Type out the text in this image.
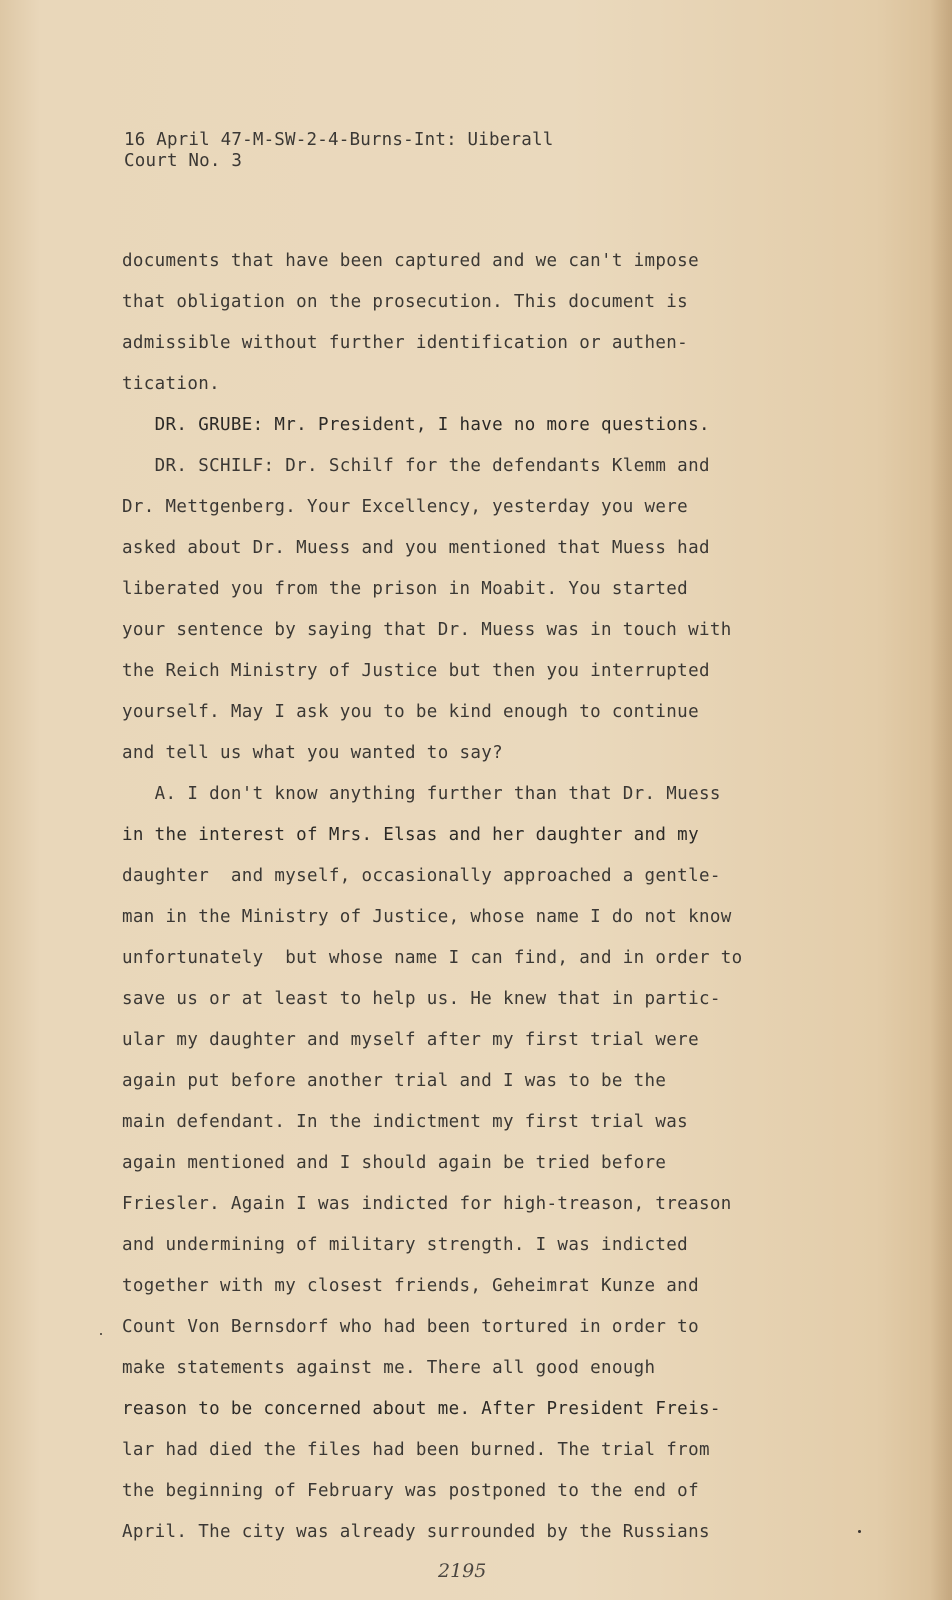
16 April 47-M-SW-2-4-Burns-Int: Uiberall
Court No. 3
documents that have been captured and we can't impose
that obligation on the prosecution. This document is
admissible without further identification or authen-
tication.
DR. GRUBE: Mr. President, I have no more questions.
DR. SCHILF: Dr. Schilf for the defendants Klemm and
Dr. Mettgenberg. Your Excellency, yesterday you were
asked about Dr. Muess and you mentioned that Muess had
liberated you from the prison in Moabit. You started
your sentence by saying that Dr. Muess was in touch with
the Reich Ministry of Justice but then you interrupted
yourself. May I ask you to be kind enough to continue
and tell us what you wanted to say?
A. I don't know anything further than that Dr. Muess
in the interest of Mrs. Elsas and her daughter and my
daughter  and myself, occasionally approached a gentle-
man in the Ministry of Justice, whose name I do not know
unfortunately  but whose name I can find, and in order to
save us or at least to help us. He knew that in partic-
ular my daughter and myself after my first trial were
again put before another trial and I was to be the
main defendant. In the indictment my first trial was
again mentioned and I should again be tried before
Friesler. Again I was indicted for high-treason, treason
and undermining of military strength. I was indicted
together with my closest friends, Geheimrat Kunze and
Count Von Bernsdorf who had been tortured in order to
make statements against me. There all good enough
reason to be concerned about me. After President Freis-
lar had died the files had been burned. The trial from
the beginning of February was postponed to the end of
April. The city was already surrounded by the Russians
2195
